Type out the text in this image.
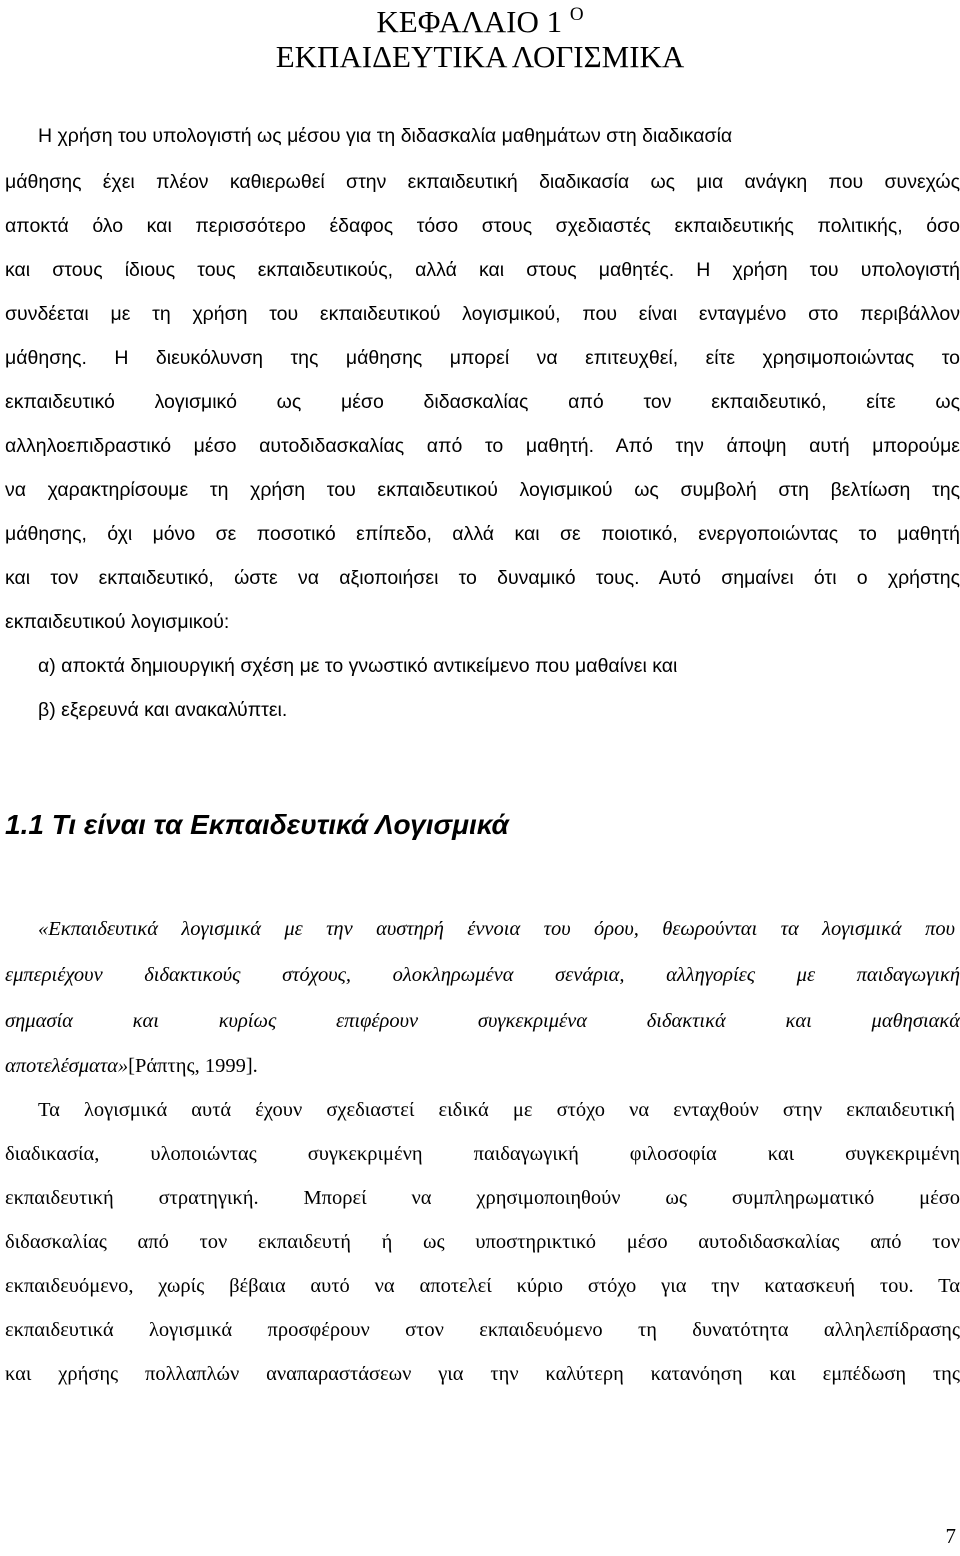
ΚΕΦΑΛΑΙΟ 1 $^O$
ΕΚΠΑΙΔΕΥΤΙΚΑ ΛΟΓΙΣΜΙΚΑ
Η χρήση του υπολογιστή ως μέσου για τη διδασκαλία μαθημάτων στη διαδικασία
μάθησης έχει πλέον καθιερωθεί στην εκπαιδευτική διαδικασία ως μια ανάγκη που συνεχώς
αποκτά όλο και περισσότερο έδαφος τόσο στους σχεδιαστές εκπαιδευτικής πολιτικής, όσο
και στους ίδιους τους εκπαιδευτικούς, αλλά και στους μαθητές. Η χρήση του υπολογιστή
συνδέεται με τη χρήση του εκπαιδευτικού λογισμικού, που είναι ενταγμένο στο περιβάλλον
μάθησης. Η διευκόλυνση της μάθησης μπορεί να επιτευχθεί, είτε χρησιμοποιώντας το
εκπαιδευτικό λογισμικό ως μέσο διδασκαλίας από τον εκπαιδευτικό, είτε ως
αλληλοεπιδραστικό μέσο αυτοδιδασκαλίας από το μαθητή. Από την άποψη αυτή μπορούμε
να χαρακτηρίσουμε τη χρήση του εκπαιδευτικού λογισμικού ως συμβολή στη βελτίωση της
μάθησης, όχι μόνο σε ποσοτικό επίπεδο, αλλά και σε ποιοτικό, ενεργοποιώντας το μαθητή
και τον εκπαιδευτικό, ώστε να αξιοποιήσει το δυναμικό τους. Αυτό σημαίνει ότι ο χρήστης
εκπαιδευτικού λογισμικού:
α) αποκτά δημιουργική σχέση με το γνωστικό αντικείμενο που μαθαίνει και
β) εξερευνά και ανακαλύπτει.
1.1 Τι είναι τα Εκπαιδευτικά Λογισμικά
«Εκπαιδευτικά λογισμικά με την αυστηρή έννοια του όρου, θεωρούνται τα λογισμικά που
εμπεριέχουν διδακτικούς στόχους, ολοκληρωμένα σενάρια, αλληγορίες με παιδαγωγική
σημασία και κυρίως επιφέρουν συγκεκριμένα διδακτικά και μαθησιακά
αποτελέσματα»[Ράπτης, 1999].
Τα λογισμικά αυτά έχουν σχεδιαστεί ειδικά με στόχο να ενταχθούν στην εκπαιδευτική
διαδικασία, υλοποιώντας συγκεκριμένη παιδαγωγική φιλοσοφία και συγκεκριμένη
εκπαιδευτική στρατηγική. Μπορεί να χρησιμοποιηθούν ως συμπληρωματικό μέσο
διδασκαλίας από τον εκπαιδευτή ή ως υποστηρικτικό μέσο αυτοδιδασκαλίας από τον
εκπαιδευόμενο, χωρίς βέβαια αυτό να αποτελεί κύριο στόχο για την κατασκευή του. Τα
εκπαιδευτικά λογισμικά προσφέρουν στον εκπαιδευόμενο τη δυνατότητα αλληλεπίδρασης
και χρήσης πολλαπλών αναπαραστάσεων για την καλύτερη κατανόηση και εμπέδωση της
7
